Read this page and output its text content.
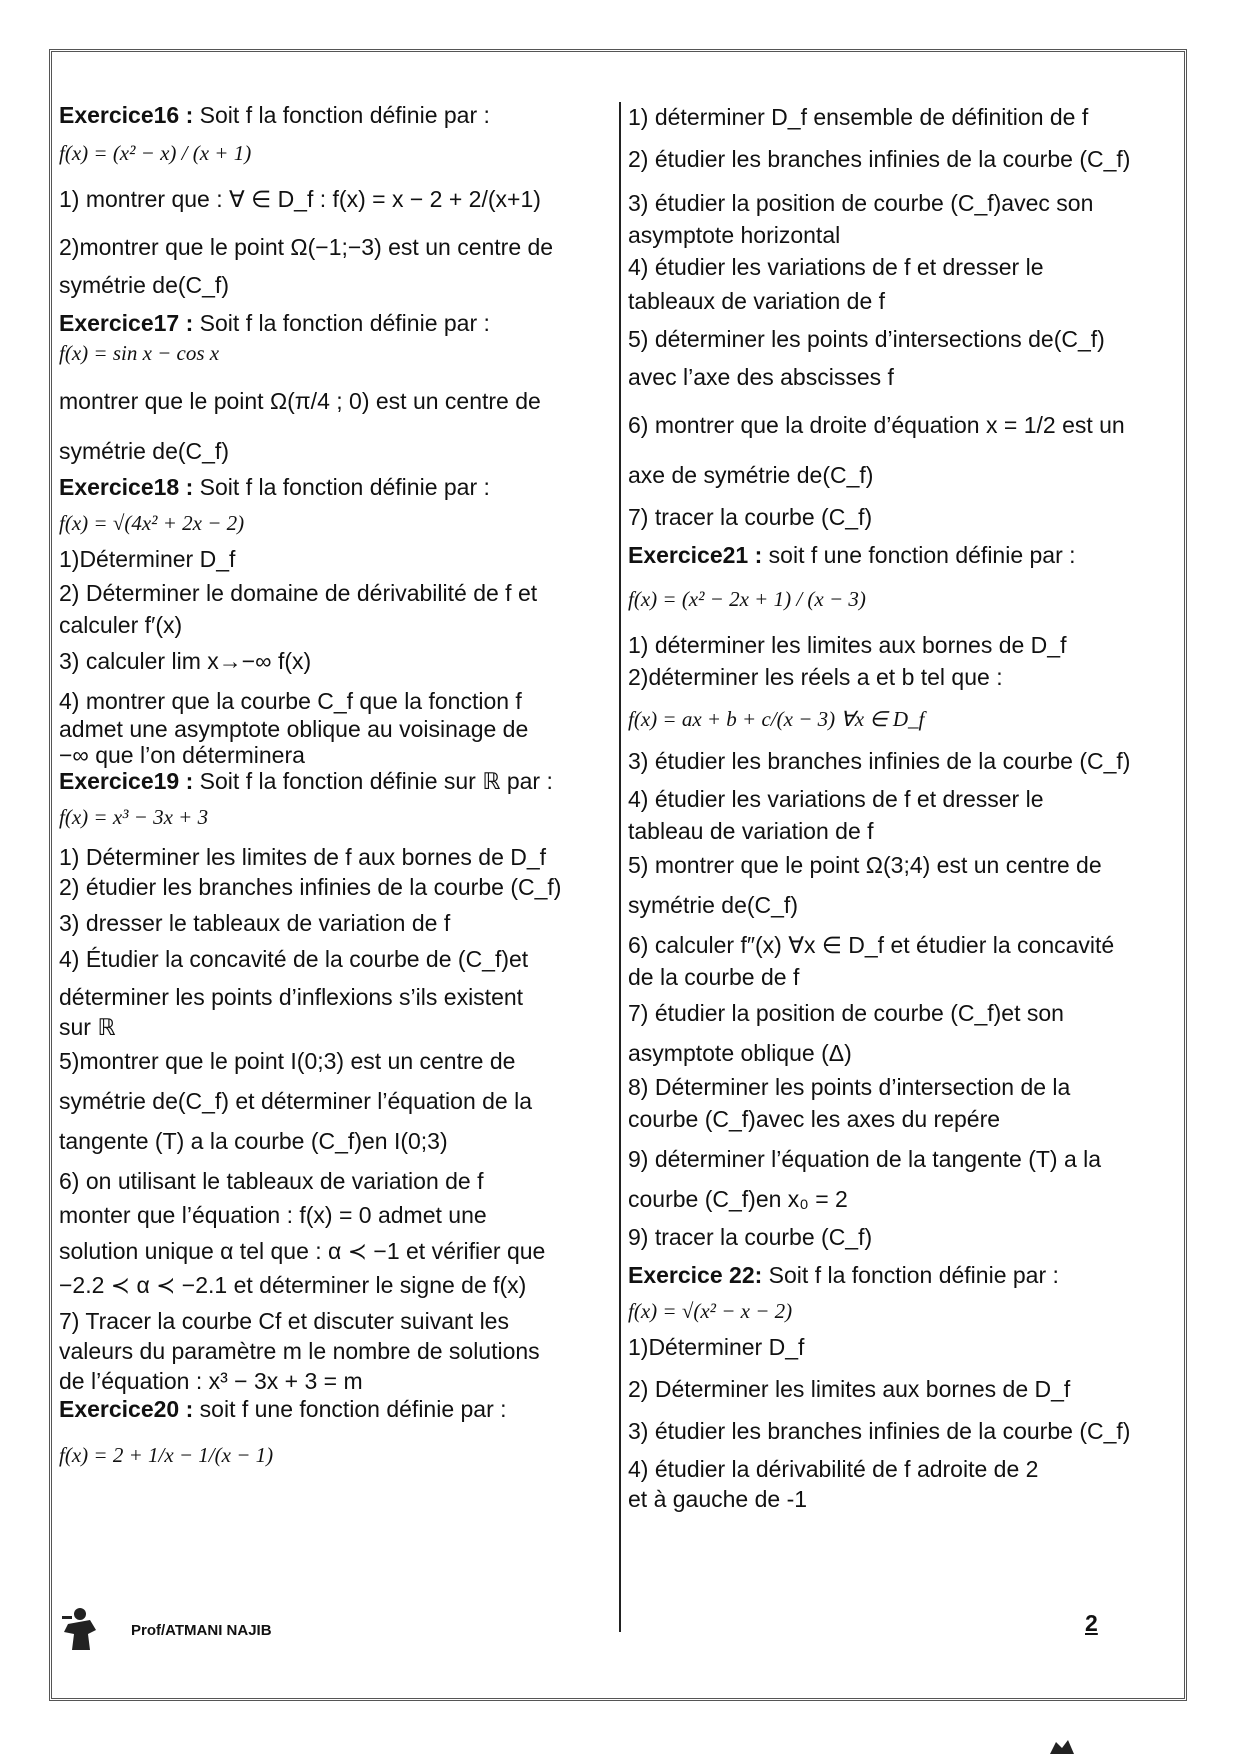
Exercice16 : Soit f la fonction définie par :
f(x) = (x² − x) / (x + 1)
1) montrer que : ∀ ∈ D_f : f(x) = x − 2 + 2/(x+1)
2)montrer que le point Ω(−1;−3) est un centre de
symétrie de(C_f)
Exercice17 : Soit f la fonction définie par :
f(x) = sin x − cos x
montrer que le point Ω(π/4 ; 0) est un centre de
symétrie de(C_f)
Exercice18 : Soit f la fonction définie par :
f(x) = √(4x² + 2x − 2)
1)Déterminer D_f
2) Déterminer le domaine de dérivabilité de f et
calculer f′(x)
3) calculer lim x→−∞ f(x)
4) montrer que la courbe C_f que la fonction f
admet une asymptote oblique au voisinage de
−∞ que l’on déterminera
Exercice19 : Soit f la fonction définie sur ℝ par :
f(x) = x³ − 3x + 3
1) Déterminer les limites de f aux bornes de D_f
2) étudier les branches infinies de la courbe (C_f)
3) dresser le tableaux de variation de f
4) Étudier la concavité de la courbe de (C_f)et
déterminer les points d’inflexions s’ils existent
sur ℝ
5)montrer que le point I(0;3) est un centre de
symétrie de(C_f) et déterminer l’équation de la
tangente (T) a la courbe (C_f)en I(0;3)
6) on utilisant le tableaux de variation de f
monter que l’équation : f(x) = 0 admet une
solution unique α tel que : α ≺ −1 et vérifier que
−2.2 ≺ α ≺ −2.1 et déterminer le signe de f(x)
7) Tracer la courbe Cf et discuter suivant les
valeurs du paramètre m le nombre de solutions
de l’équation : x³ − 3x + 3 = m
Exercice20 : soit f une fonction définie par :
f(x) = 2 + 1/x − 1/(x − 1)
1) déterminer D_f ensemble de définition de f
2) étudier les branches infinies de la courbe (C_f)
3) étudier la position de courbe (C_f)avec son
asymptote horizontal
4) étudier les variations de f et dresser le
tableaux de variation de f
5) déterminer les points d’intersections de(C_f)
avec l’axe des abscisses f
6) montrer que la droite d’équation x = 1/2 est un
axe de symétrie de(C_f)
7) tracer la courbe (C_f)
Exercice21 : soit f une fonction définie par :
f(x) = (x² − 2x + 1) / (x − 3)
1) déterminer les limites aux bornes de D_f
2)déterminer les réels a et b tel que :
f(x) = ax + b + c/(x − 3) ∀x ∈ D_f
3) étudier les branches infinies de la courbe (C_f)
4) étudier les variations de f et dresser le
tableau de variation de f
5) montrer que le point Ω(3;4) est un centre de
symétrie de(C_f)
6) calculer f″(x) ∀x ∈ D_f et étudier la concavité
de la courbe de f
7) étudier la position de courbe (C_f)et son
asymptote oblique (Δ)
8) Déterminer les points d’intersection de la
courbe (C_f)avec les axes du repére
9) déterminer l’équation de la tangente (T) a la
courbe (C_f)en x₀ = 2
9) tracer la courbe (C_f)
Exercice 22: Soit f la fonction définie par :
f(x) = √(x² − x − 2)
1)Déterminer D_f
2) Déterminer les limites aux bornes de D_f
3) étudier les branches infinies de la courbe (C_f)
4) étudier la dérivabilité de f adroite de 2
et à gauche de -1
Prof/ATMANI NAJIB	2
